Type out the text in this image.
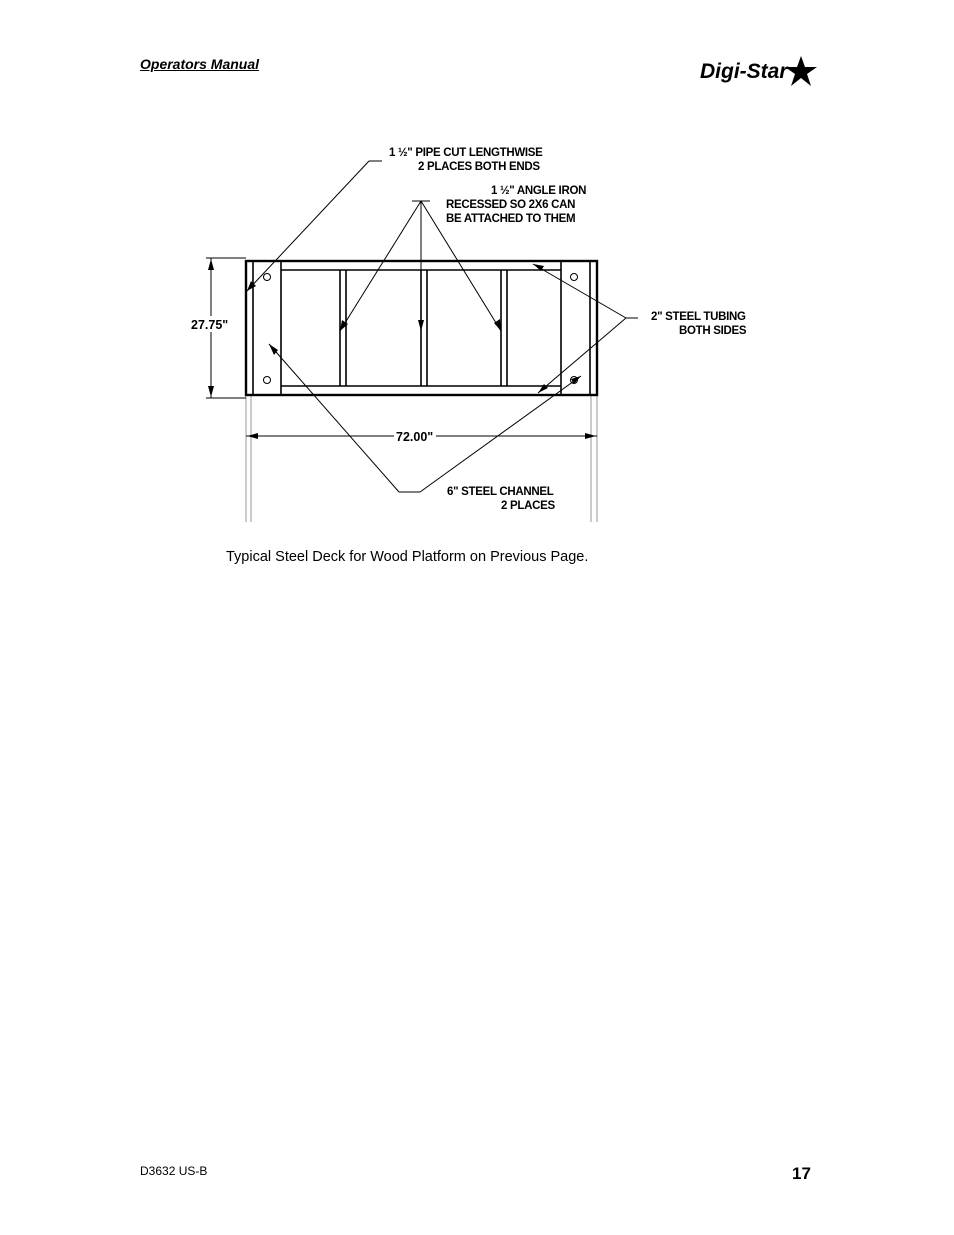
Operators Manual	Digi-Star
27.75"
72.00"
1 ½" PIPE CUT LENGTHWISE
2 PLACES BOTH ENDS
1 ½" ANGLE IRON
RECESSED SO 2X6 CAN
BE ATTACHED TO THEM
2" STEEL TUBING
BOTH SIDES
6" STEEL CHANNEL
2 PLACES
Typical Steel Deck for Wood Platform on Previous Page.
D3632 US-B	17
